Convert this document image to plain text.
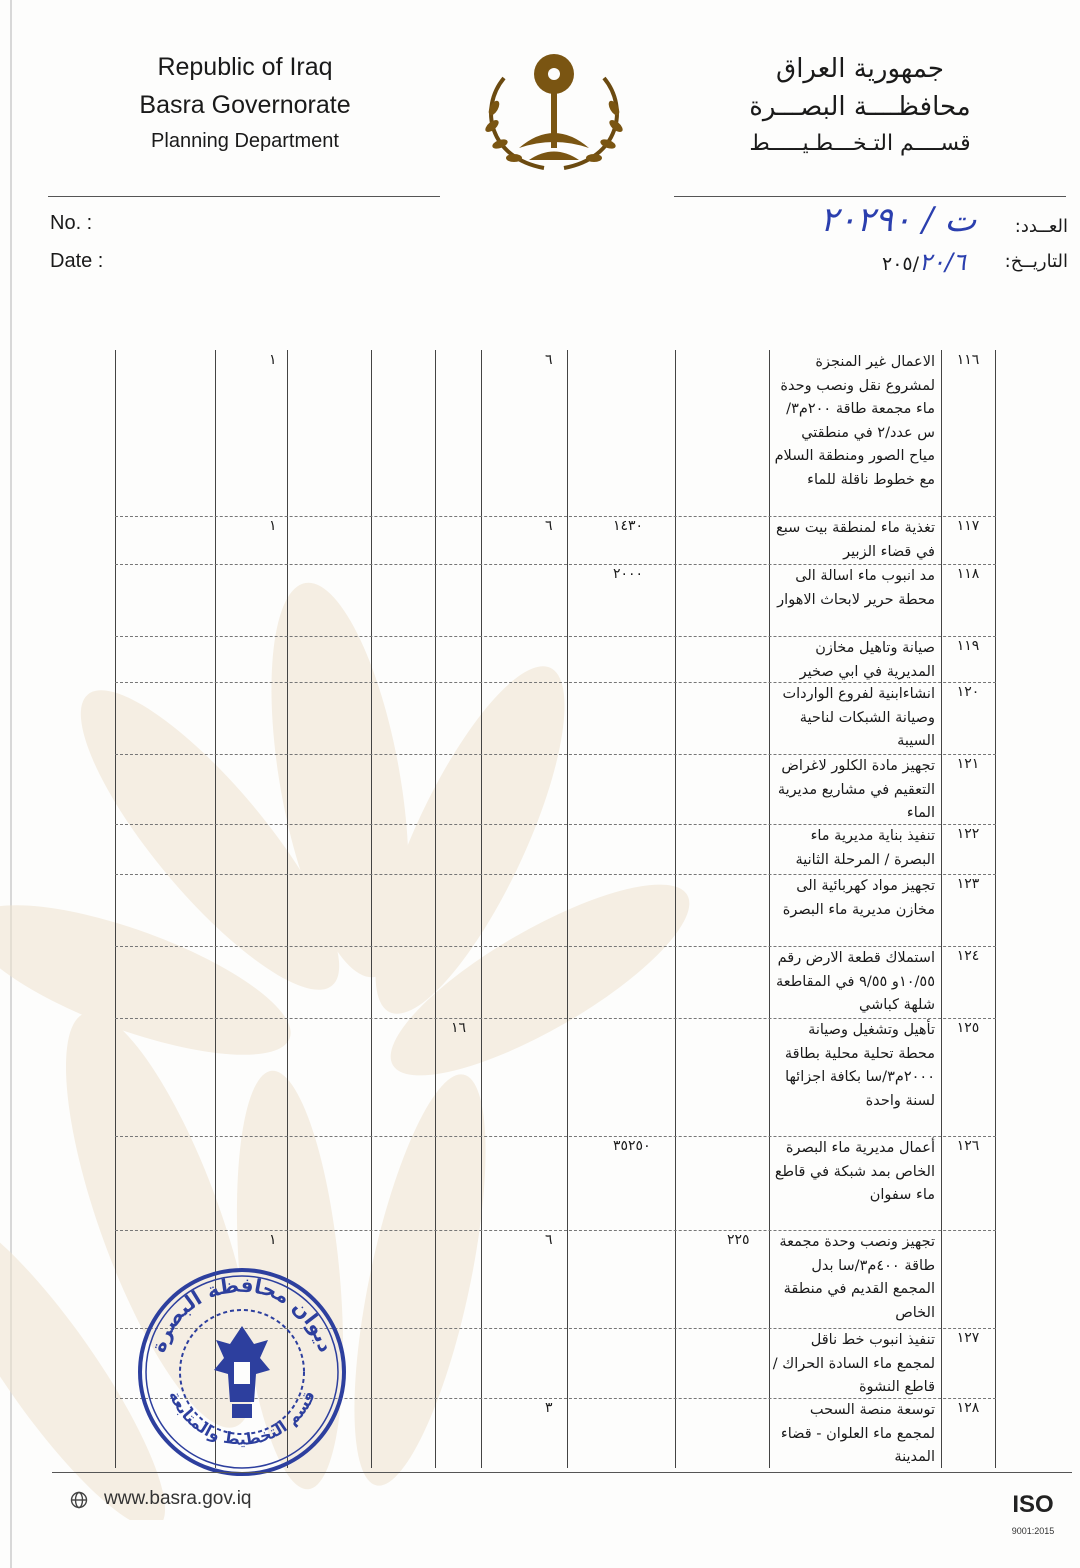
Republic of Iraq
Basra Governorate
Planning Department
جمهورية العراق
محافظــــة البصـــرة
قســــم التـخـــطـيـــــط
No. :
Date :
العــدد:
التاريــخ:
ت / ٢٠٢٩٠
٢٠٥/٢٠/٦
١١٦
الاعمال غير المنجزة لمشروع نقل ونصب وحدة ماء مجمعة طاقة ٢٠٠م٣/س عدد/٢ في منطقتي مياح الصور ومنطقة السلام مع خطوط ناقلة للماء
٦
١
١١٧
تغذية ماء لمنطقة بيت سبع في قضاء الزبير
١٤٣٠
٦
١
١١٨
مد انبوب ماء اسالة الى محطة حرير لابحاث الاهوار
٢٠٠٠
١١٩
صيانة وتاهيل مخازن المديرية في ابي صخير
١٢٠
انشاءابنية لفروع الواردات وصيانة الشبكات لناحية السيبة
١٢١
تجهيز مادة الكلور لاغراض التعقيم في مشاريع مديرية الماء
١٢٢
تنفيذ بناية مديرية ماء البصرة / المرحلة الثانية
١٢٣
تجهيز مواد كهربائية الى مخازن مديرية ماء البصرة
١٢٤
استملاك قطعة الارض رقم ١٠/٥٥و ٩/٥٥ في المقاطعة شلهة كباشي
١٢٥
تأهيل وتشغيل وصيانة محطة تحلية محلية بطاقة ٢٠٠٠م٣/سا بكافة اجزائها لسنة واحدة
١٦
١٢٦
أعمال مديرية ماء البصرة الخاص بمد شبكة في قاطع ماء سفوان
٣٥٢٥٠
تجهيز ونصب وحدة مجمعة طاقة ٤٠٠م٣/سا بدل المجمع القديم في منطقة الخاص
٢٢٥
٦
١
١٢٧
تنفيذ انبوب خط ناقل لمجمع ماء السادة الحراك / قاطع النشوة
١٢٨
توسعة منصة السحب لمجمع ماء العلوان - قضاء المدينة
٣
ديوان محافظة البصرة
قسم التخطيط والمتابعة
www.basra.gov.iq	ISO
9001:2015
